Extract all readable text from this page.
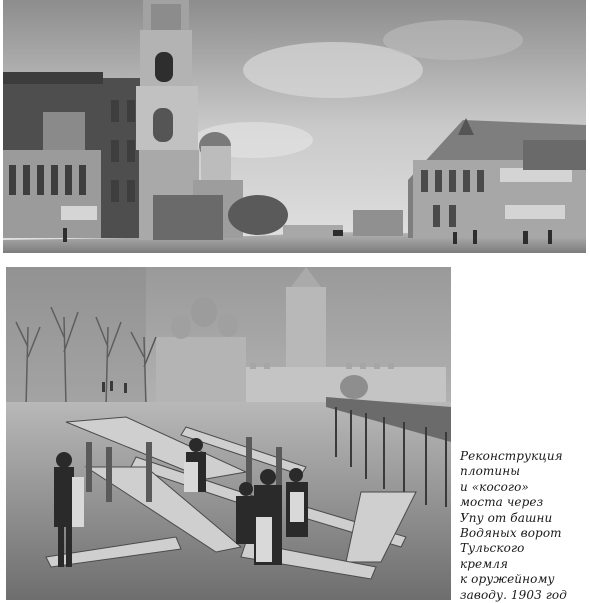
Реконструкция
плотины
и «косого»
моста через
Упу от башни
Водяных ворот
Тульского
кремля
к оружейному
заводу. 1903 год
